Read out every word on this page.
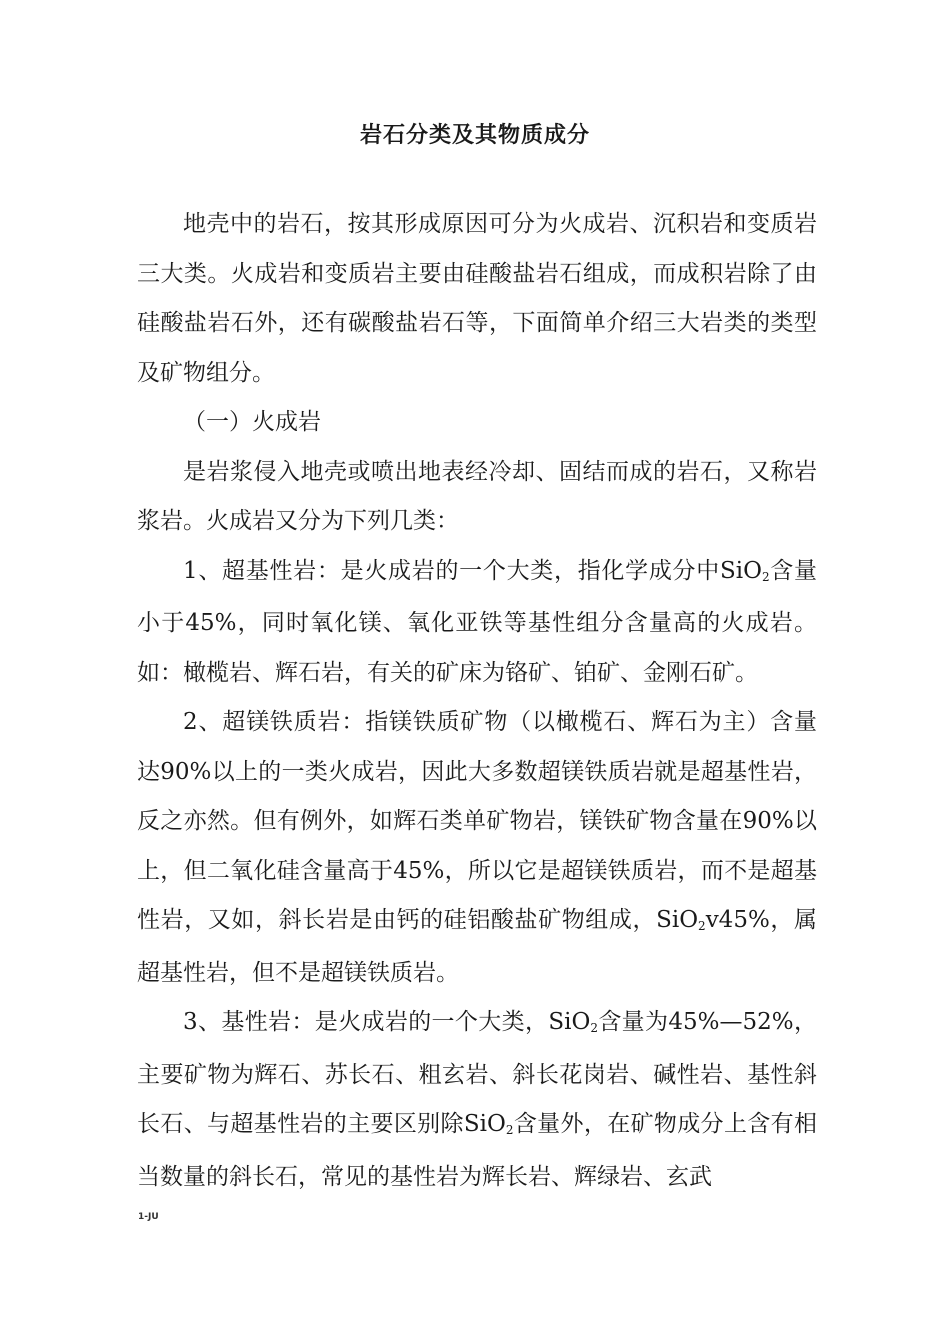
岩石分类及其物质成分

地壳中的岩石，按其形成原因可分为火成岩、沉积岩和变质岩三大类。火成岩和变质岩主要由硅酸盐岩石组成，而成积岩除了由硅酸盐岩石外，还有碳酸盐岩石等，下面简单介绍三大岩类的类型及矿物组分。

（一）火成岩

是岩浆侵入地壳或喷出地表经冷却、固结而成的岩石，又称岩浆岩。火成岩又分为下列几类：

1、超基性岩：是火成岩的一个大类，指化学成分中SiO$_2$含量小于45%，同时氧化镁、氧化亚铁等基性组分含量高的火成岩。如：橄榄岩、辉石岩，有关的矿床为铬矿、铂矿、金刚石矿。

2、超镁铁质岩：指镁铁质矿物（以橄榄石、辉石为主）含量达90%以上的一类火成岩，因此大多数超镁铁质岩就是超基性岩，反之亦然。但有例外，如辉石类单矿物岩，镁铁矿物含量在90%以上，但二氧化硅含量高于45%，所以它是超镁铁质岩，而不是超基性岩，又如，斜长岩是由钙的硅铝酸盐矿物组成，SiO$_2$v45%，属超基性岩，但不是超镁铁质岩。

3、基性岩：是火成岩的一个大类，SiO$_2$含量为45%—52%，主要矿物为辉石、苏长石、粗玄岩、斜长花岗岩、碱性岩、基性斜长石、与超基性岩的主要区别除SiO$_2$含量外，在矿物成分上含有相当数量的斜长石，常见的基性岩为辉长岩、辉绿岩、玄武

1-JU
